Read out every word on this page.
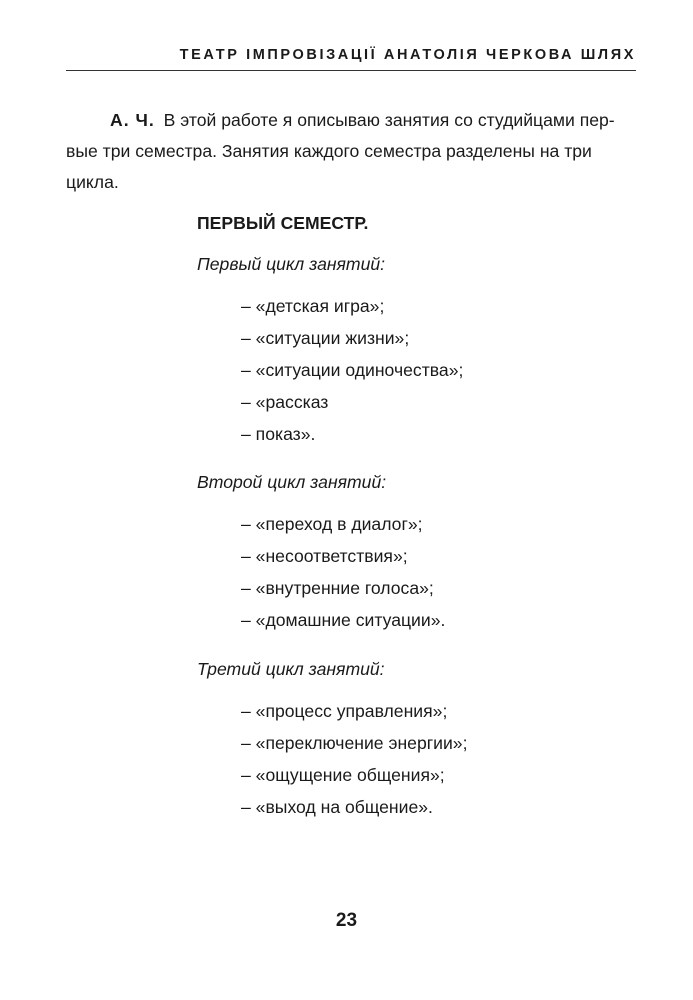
ТЕАТР ІМПРОВІЗАЦІЇ АНАТОЛІЯ ЧЕРКОВА ШЛЯХ
А. Ч. В этой работе я описываю занятия со студийцами пер-
вые три семестра. Занятия каждого семестра разделены на три
цикла.
ПЕРВЫЙ СЕМЕСТР.
Первый цикл занятий:
– «детская игра»;
– «ситуации жизни»;
– «ситуации одиночества»;
– «рассказ
– показ».
Второй цикл занятий:
– «переход в диалог»;
– «несоответствия»;
– «внутренние голоса»;
– «домашние ситуации».
Третий цикл занятий:
– «процесс управления»;
– «переключение энергии»;
– «ощущение общения»;
– «выход на общение».
23
